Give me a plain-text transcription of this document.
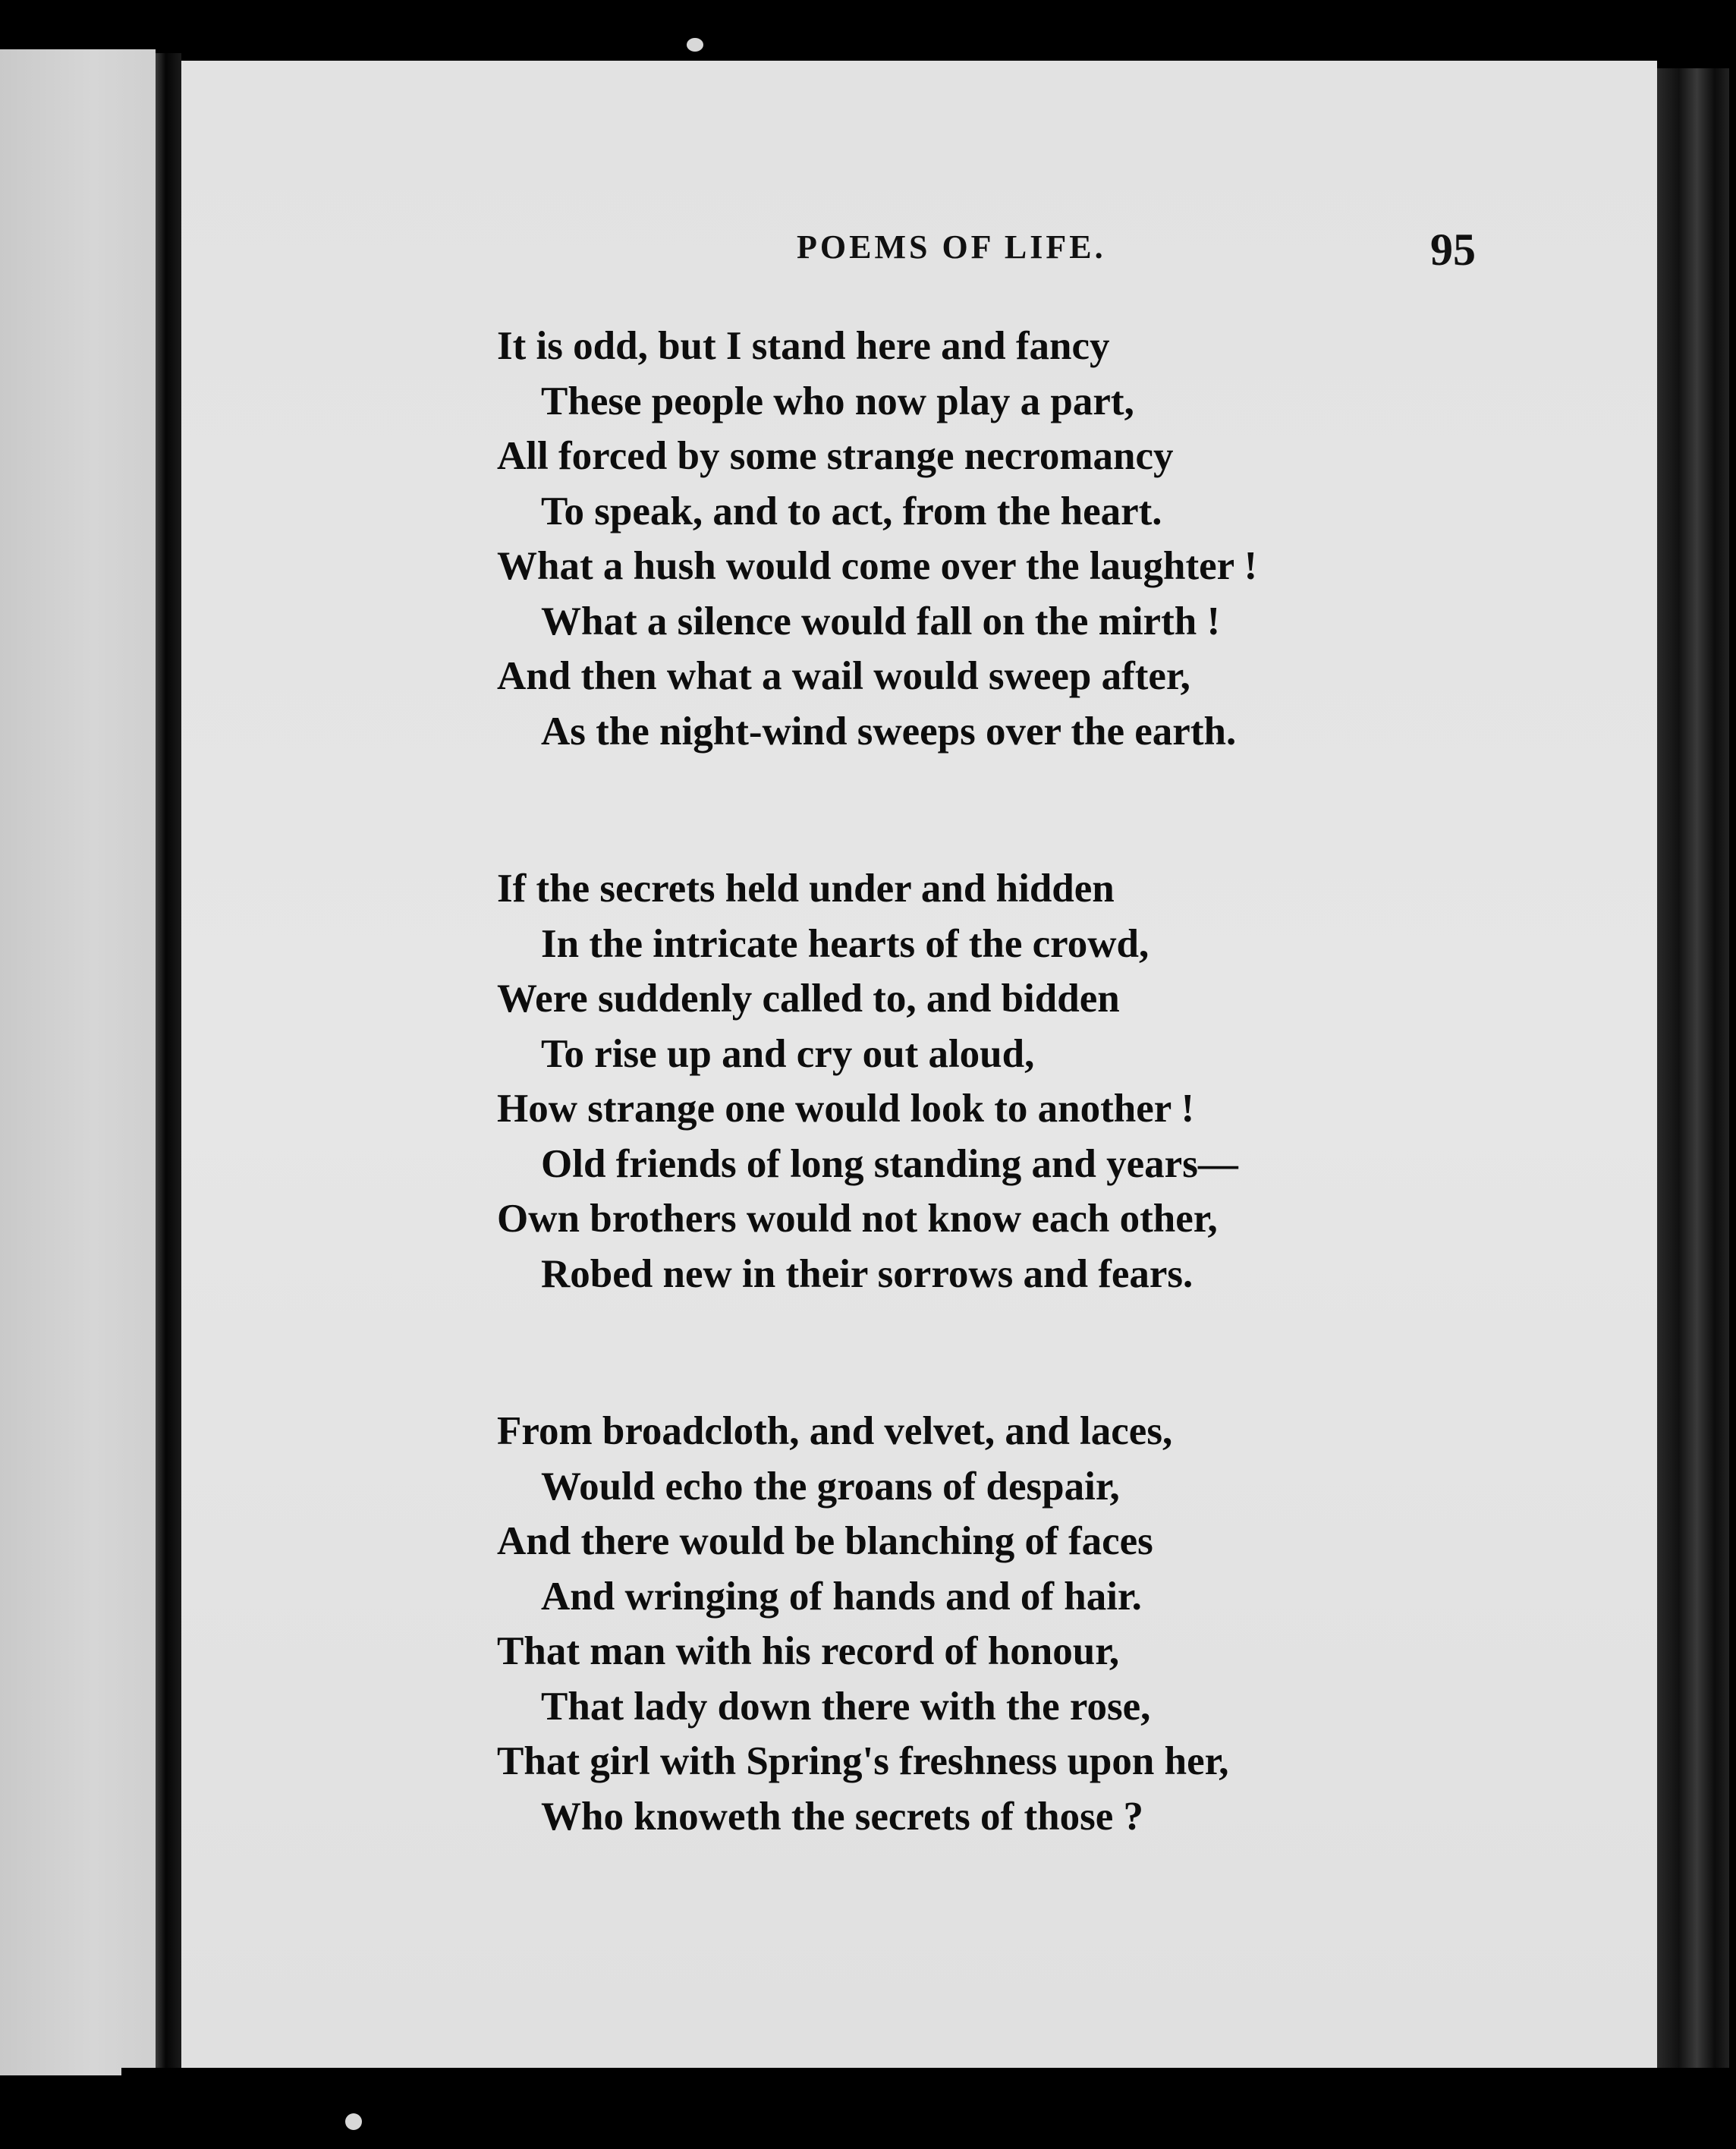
POEMS OF LIFE.	95
It is odd, but I stand here and fancy
These people who now play a part,
All forced by some strange necromancy
To speak, and to act, from the heart.
What a hush would come over the laughter !
What a silence would fall on the mirth !
And then what a wail would sweep after,
As the night-wind sweeps over the earth.
If the secrets held under and hidden
In the intricate hearts of the crowd,
Were suddenly called to, and bidden
To rise up and cry out aloud,
How strange one would look to another !
Old friends of long standing and years—
Own brothers would not know each other,
Robed new in their sorrows and fears.
From broadcloth, and velvet, and laces,
Would echo the groans of despair,
And there would be blanching of faces
And wringing of hands and of hair.
That man with his record of honour,
That lady down there with the rose,
That girl with Spring's freshness upon her,
Who knoweth the secrets of those ?
